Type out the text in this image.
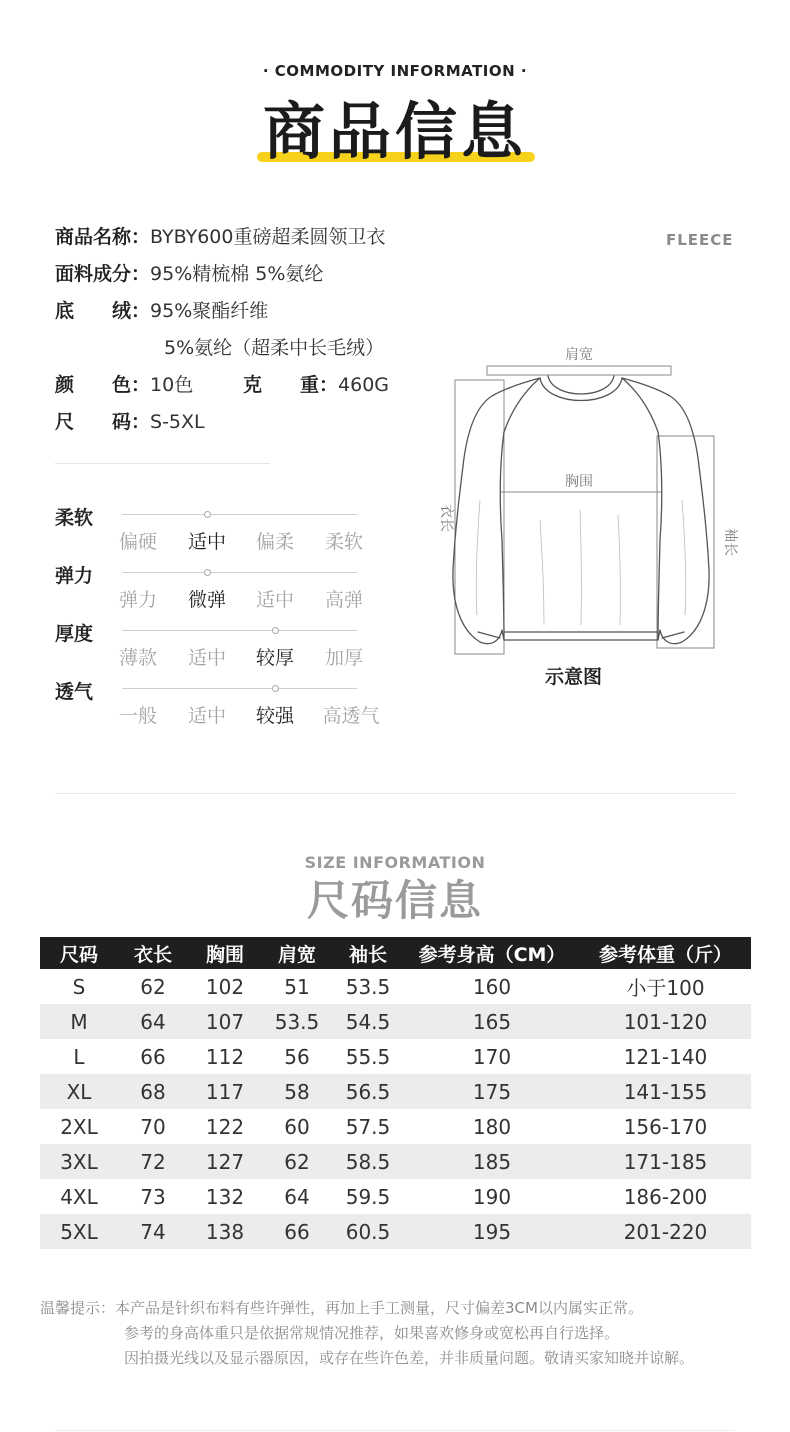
· COMMODITY INFORMATION ·
商品信息
商品名称：BYBY600重磅超柔圆领卫衣
面料成分：95%精梳棉 5%氨纶
底　　绒：95%聚酯纤维
5%氨纶（超柔中长毛绒）
颜　　色：10色	克　　重：460G
尺　　码：S-5XL
FLEECE
柔软
偏硬	适中	偏柔	柔软
弹力
弹力	微弹	适中	高弹
厚度
薄款	适中	较厚	加厚
透气
一般	适中	较强	高透气
肩宽
胸围
衣长
袖长
示意图
SIZE INFORMATION
尺码信息
尺码	衣长	胸围	肩宽	袖长	参考身高（CM）	参考体重（斤）
S	62	102	51	53.5	160	小于100
M	64	107	53.5	54.5	165	101-120
L	66	112	56	55.5	170	121-140
XL	68	117	58	56.5	175	141-155
2XL	70	122	60	57.5	180	156-170
3XL	72	127	62	58.5	185	171-185
4XL	73	132	64	59.5	190	186-200
5XL	74	138	66	60.5	195	201-220
温馨提示：本产品是针织布料有些许弹性，再加上手工测量，尺寸偏差3CM以内属实正常。
参考的身高体重只是依据常规情况推荐，如果喜欢修身或宽松再自行选择。
因拍摄光线以及显示器原因，或存在些许色差，并非质量问题。敬请买家知晓并谅解。
